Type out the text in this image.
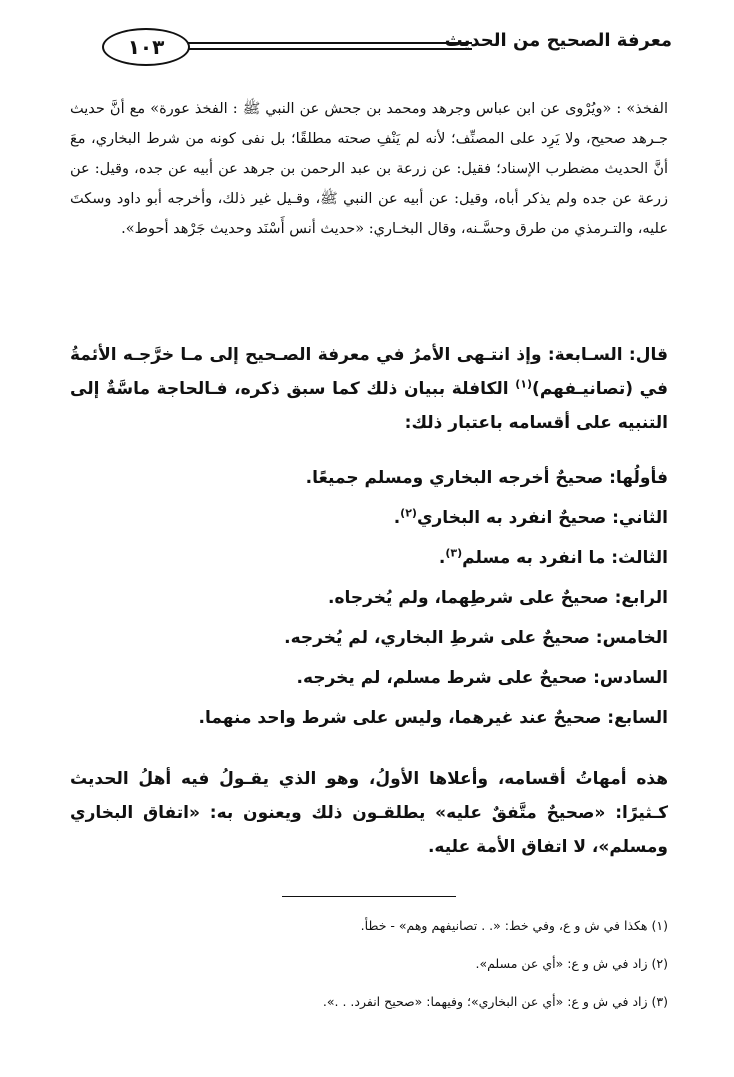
معرفة الصحيح من الحديث
١٠٣

الفخذ» : «ويُرْوى عن ابن عباس وجرهد ومحمد بن جحش عن النبي ﷺ : الفخذ عورة» مع أنَّ حديث جـرهد صحيح، ولا يَرِد على المصنِّف؛ لأنه لم يَنْفِ صحته مطلقًا؛ بل نفى كونه من شرط البخاري، معَ أنَّ الحديث مضطرب الإسناد؛ فقيل: عن زرعة بن عبد الرحمن بن جرهد عن أبيه عن جده، وقيل: عن زرعة عن جده ولم يذكر أباه، وقيل: عن أبيه عن النبي ﷺ، وقـيل غير ذلك، وأخرجه أبو داود وسكتَ عليه، والتـرمذي من طرق وحسَّـنه، وقال البخـاري: «حديث أنس أَسْنَد وحديث جَرْهد أحوط».

قال: السـابعة: وإذ انتـهى الأمرُ في معرفة الصـحيح إلى مـا خرَّجـه الأئمةُ في (تصانيـفهم)$^{(١)}$ الكافلة ببيان ذلك كما سبق ذكره، فـالحاجة ماسَّةٌ إلى التنبيه على أقسامه باعتبار ذلك:

فأولُها: صحيحٌ أخرجه البخاري ومسلم جميعًا.
الثاني: صحيحٌ انفرد به البخاري$^{(٢)}$.
الثالث: ما انفرد به مسلم$^{(٣)}$.
الرابع: صحيحٌ على شرطِهما، ولم يُخرجاه.
الخامس: صحيحٌ على شرطِ البخاري، لم يُخرجه.
السادس: صحيحٌ على شرط مسلم، لم يخرجه.
السابع: صحيحٌ عند غيرهما، وليس على شرط واحد منهما.

هذه أمهاتُ أقسامه، وأعلاها الأولُ، وهو الذي يقـولُ فيه أهلُ الحديث كـثيرًا: «صحيحٌ متَّفقٌ عليه» يطلقـون ذلك ويعنون به: «اتفاق البخاري ومسلم»، لا اتفاق الأمة عليه.

(١) هكذا في ش و ع، وفي خط: «. . تصانيفهم وهم» - خطأ.
(٢) زاد في ش و ع: «أي عن مسلم».
(٣) زاد في ش و ع: «أي عن البخاري»؛ وفيهما: «صحيح انفرد. . .».
